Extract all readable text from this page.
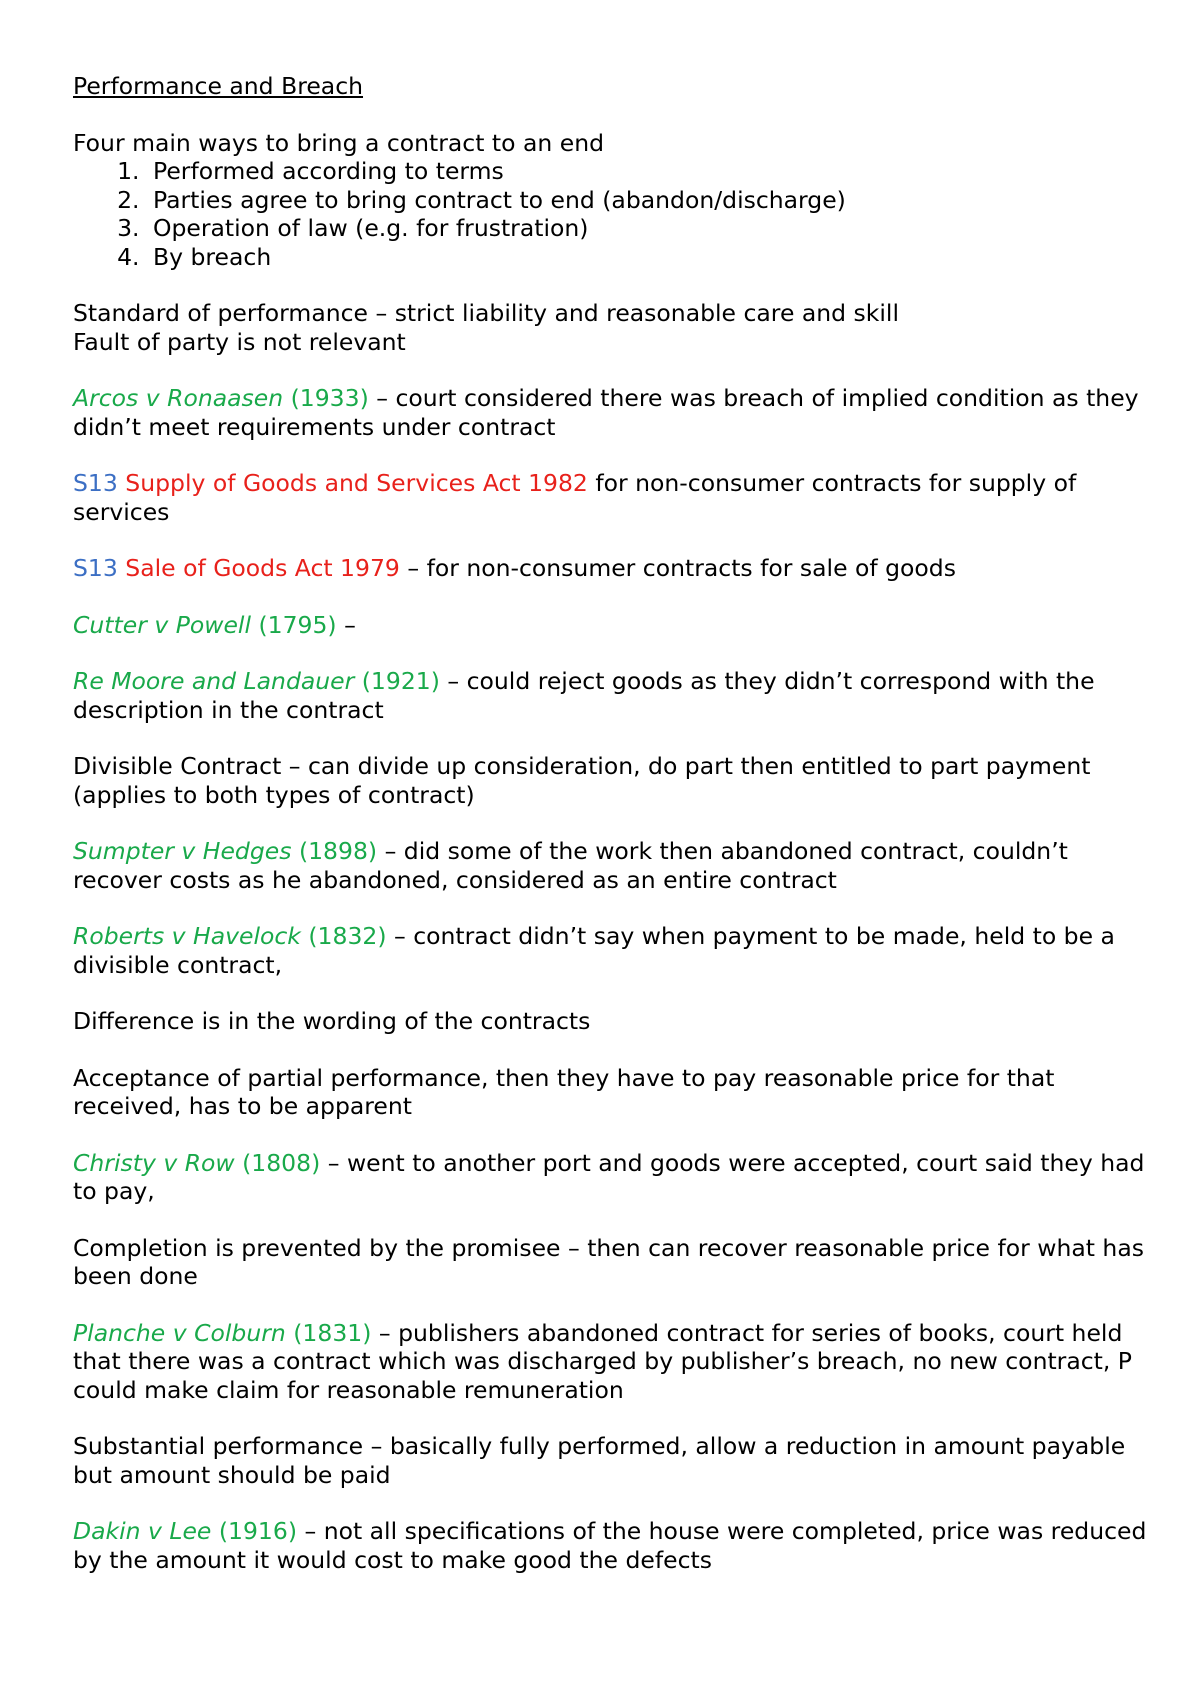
Performance and Breach

Four main ways to bring a contract to an end

1. Performed according to terms
2. Parties agree to bring contract to end (abandon/discharge)
3. Operation of law (e.g. for frustration)
4. By breach

Standard of performance – strict liability and reasonable care and skill

Fault of party is not relevant

Arcos v Ronaasen (1933) – court considered there was breach of implied condition as they didn’t meet requirements under contract

S13 Supply of Goods and Services Act 1982 for non-consumer contracts for supply of services

S13 Sale of Goods Act 1979 – for non-consumer contracts for sale of goods

Cutter v Powell (1795) –

Re Moore and Landauer (1921) – could reject goods as they didn’t correspond with the description in the contract

Divisible Contract – can divide up consideration, do part then entitled to part payment (applies to both types of contract)

Sumpter v Hedges (1898) – did some of the work then abandoned contract, couldn’t recover costs as he abandoned, considered as an entire contract

Roberts v Havelock (1832) – contract didn’t say when payment to be made, held to be a divisible contract,

Difference is in the wording of the contracts

Acceptance of partial performance, then they have to pay reasonable price for that received, has to be apparent

Christy v Row (1808) – went to another port and goods were accepted, court said they had to pay,

Completion is prevented by the promisee – then can recover reasonable price for what has been done

Planche v Colburn (1831) – publishers abandoned contract for series of books, court held that there was a contract which was discharged by publisher’s breach, no new contract, P could make claim for reasonable remuneration

Substantial performance – basically fully performed, allow a reduction in amount payable but amount should be paid

Dakin v Lee (1916) – not all specifications of the house were completed, price was reduced by the amount it would cost to make good the defects
